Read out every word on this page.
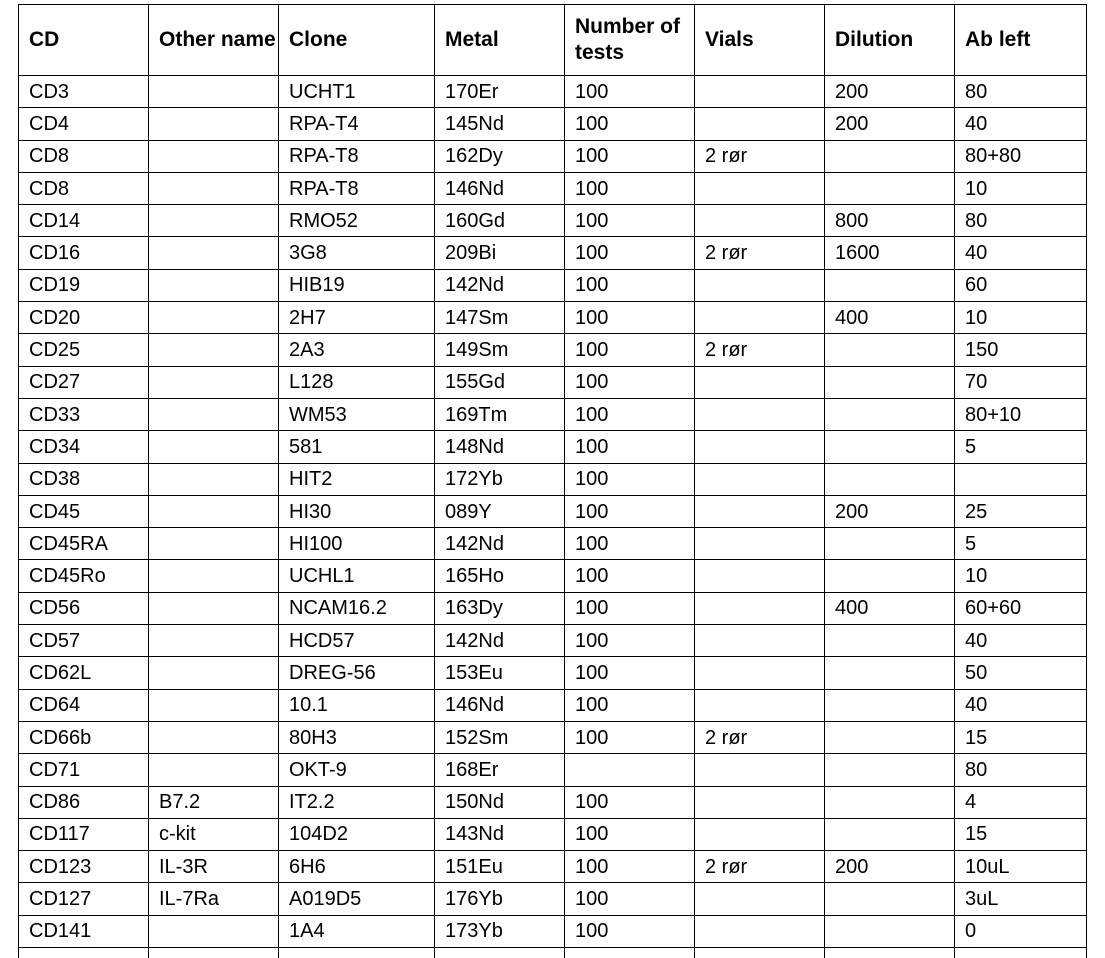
CD	Other name	Clone	Metal	Number of tests	Vials	Dilution	Ab left
CD3		UCHT1	170Er	100		200	80
CD4		RPA-T4	145Nd	100		200	40
CD8		RPA-T8	162Dy	100	2 rør		80+80
CD8		RPA-T8	146Nd	100			10
CD14		RMO52	160Gd	100		800	80
CD16		3G8	209Bi	100	2 rør	1600	40
CD19		HIB19	142Nd	100			60
CD20		2H7	147Sm	100		400	10
CD25		2A3	149Sm	100	2 rør		150
CD27		L128	155Gd	100			70
CD33		WM53	169Tm	100			80+10
CD34		581	148Nd	100			5
CD38		HIT2	172Yb	100			
CD45		HI30	089Y	100		200	25
CD45RA		HI100	142Nd	100			5
CD45Ro		UCHL1	165Ho	100			10
CD56		NCAM16.2	163Dy	100		400	60+60
CD57		HCD57	142Nd	100			40
CD62L		DREG-56	153Eu	100			50
CD64		10.1	146Nd	100			40
CD66b		80H3	152Sm	100	2 rør		15
CD71		OKT-9	168Er				80
CD86	B7.2	IT2.2	150Nd	100			4
CD117	c-kit	104D2	143Nd	100			15
CD123	IL-3R	6H6	151Eu	100	2 rør	200	10uL
CD127	IL-7Ra	A019D5	176Yb	100			3uL
CD141		1A4	173Yb	100			0
